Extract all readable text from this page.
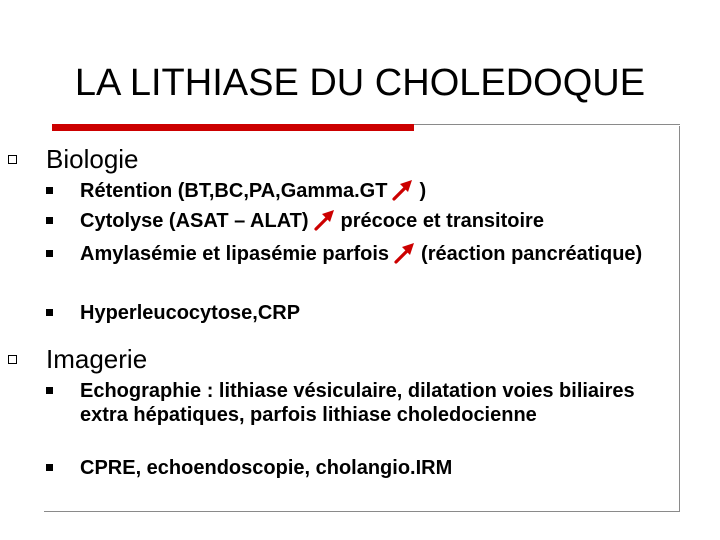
LA LITHIASE DU CHOLEDOQUE
Biologie
Rétention (BT,BC,PA,Gamma.GT )
Cytolyse (ASAT – ALAT) précoce et transitoire
Amylasémie et lipasémie parfois (réaction pancréatique)
Hyperleucocytose,CRP
Imagerie
Echographie : lithiase vésiculaire, dilatation voies biliaires extra hépatiques, parfois lithiase choledocienne
CPRE, echoendoscopie, cholangio.IRM
